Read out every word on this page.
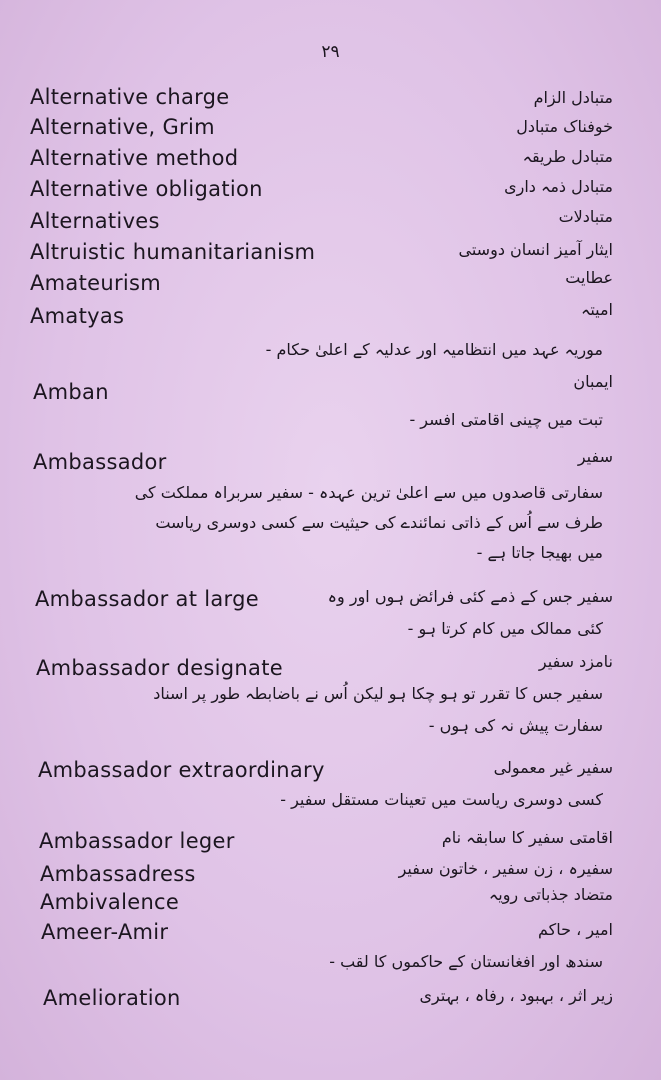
۲۹
Alternative charge	متبادل الزام
Alternative, Grim	خوفناک متبادل
Alternative method	متبادل طریقہ
Alternative obligation	متبادل ذمہ داری
Alternatives	متبادلات
Altruistic humanitarianism	ایثار آمیز انسان دوستی
Amateurism	عطایت
Amatyas	امیتہ
موریہ عہد میں انتظامیہ اور عدلیہ کے اعلیٰ حکام -
Amban	ایمبان
تبت میں چینی اقامتی افسر -
Ambassador	سفیر
سفارتی قاصدوں میں سے اعلیٰ ترین عہدہ - سفیر سربراہ مملکت کی
طرف سے اُس کے ذاتی نمائندے کی حیثیت سے کسی دوسری ریاست
میں بھیجا جاتا ہے -
Ambassador at large	سفیر جس کے ذمے کئی فرائض ہوں اور وہ
کئی ممالک میں کام کرتا ہو -
Ambassador designate	نامزد سفیر
سفیر جس کا تقرر تو ہو چکا ہو لیکن اُس نے باضابطہ طور پر اسناد
سفارت پیش نہ کی ہوں -
Ambassador extraordinary	سفیر غیر معمولی
کسی دوسری ریاست میں تعینات مستقل سفیر -
Ambassador leger	اقامتی سفیر کا سابقہ نام
Ambassadress	سفیرہ ، زن سفیر ، خاتون سفیر
Ambivalence	متضاد جذباتی رویہ
Ameer-Amir	امیر ، حاکم
سندھ اور افغانستان کے حاکموں کا لقب -
Amelioration	زیر اثر ، بہبود ، رفاہ ، بہتری
